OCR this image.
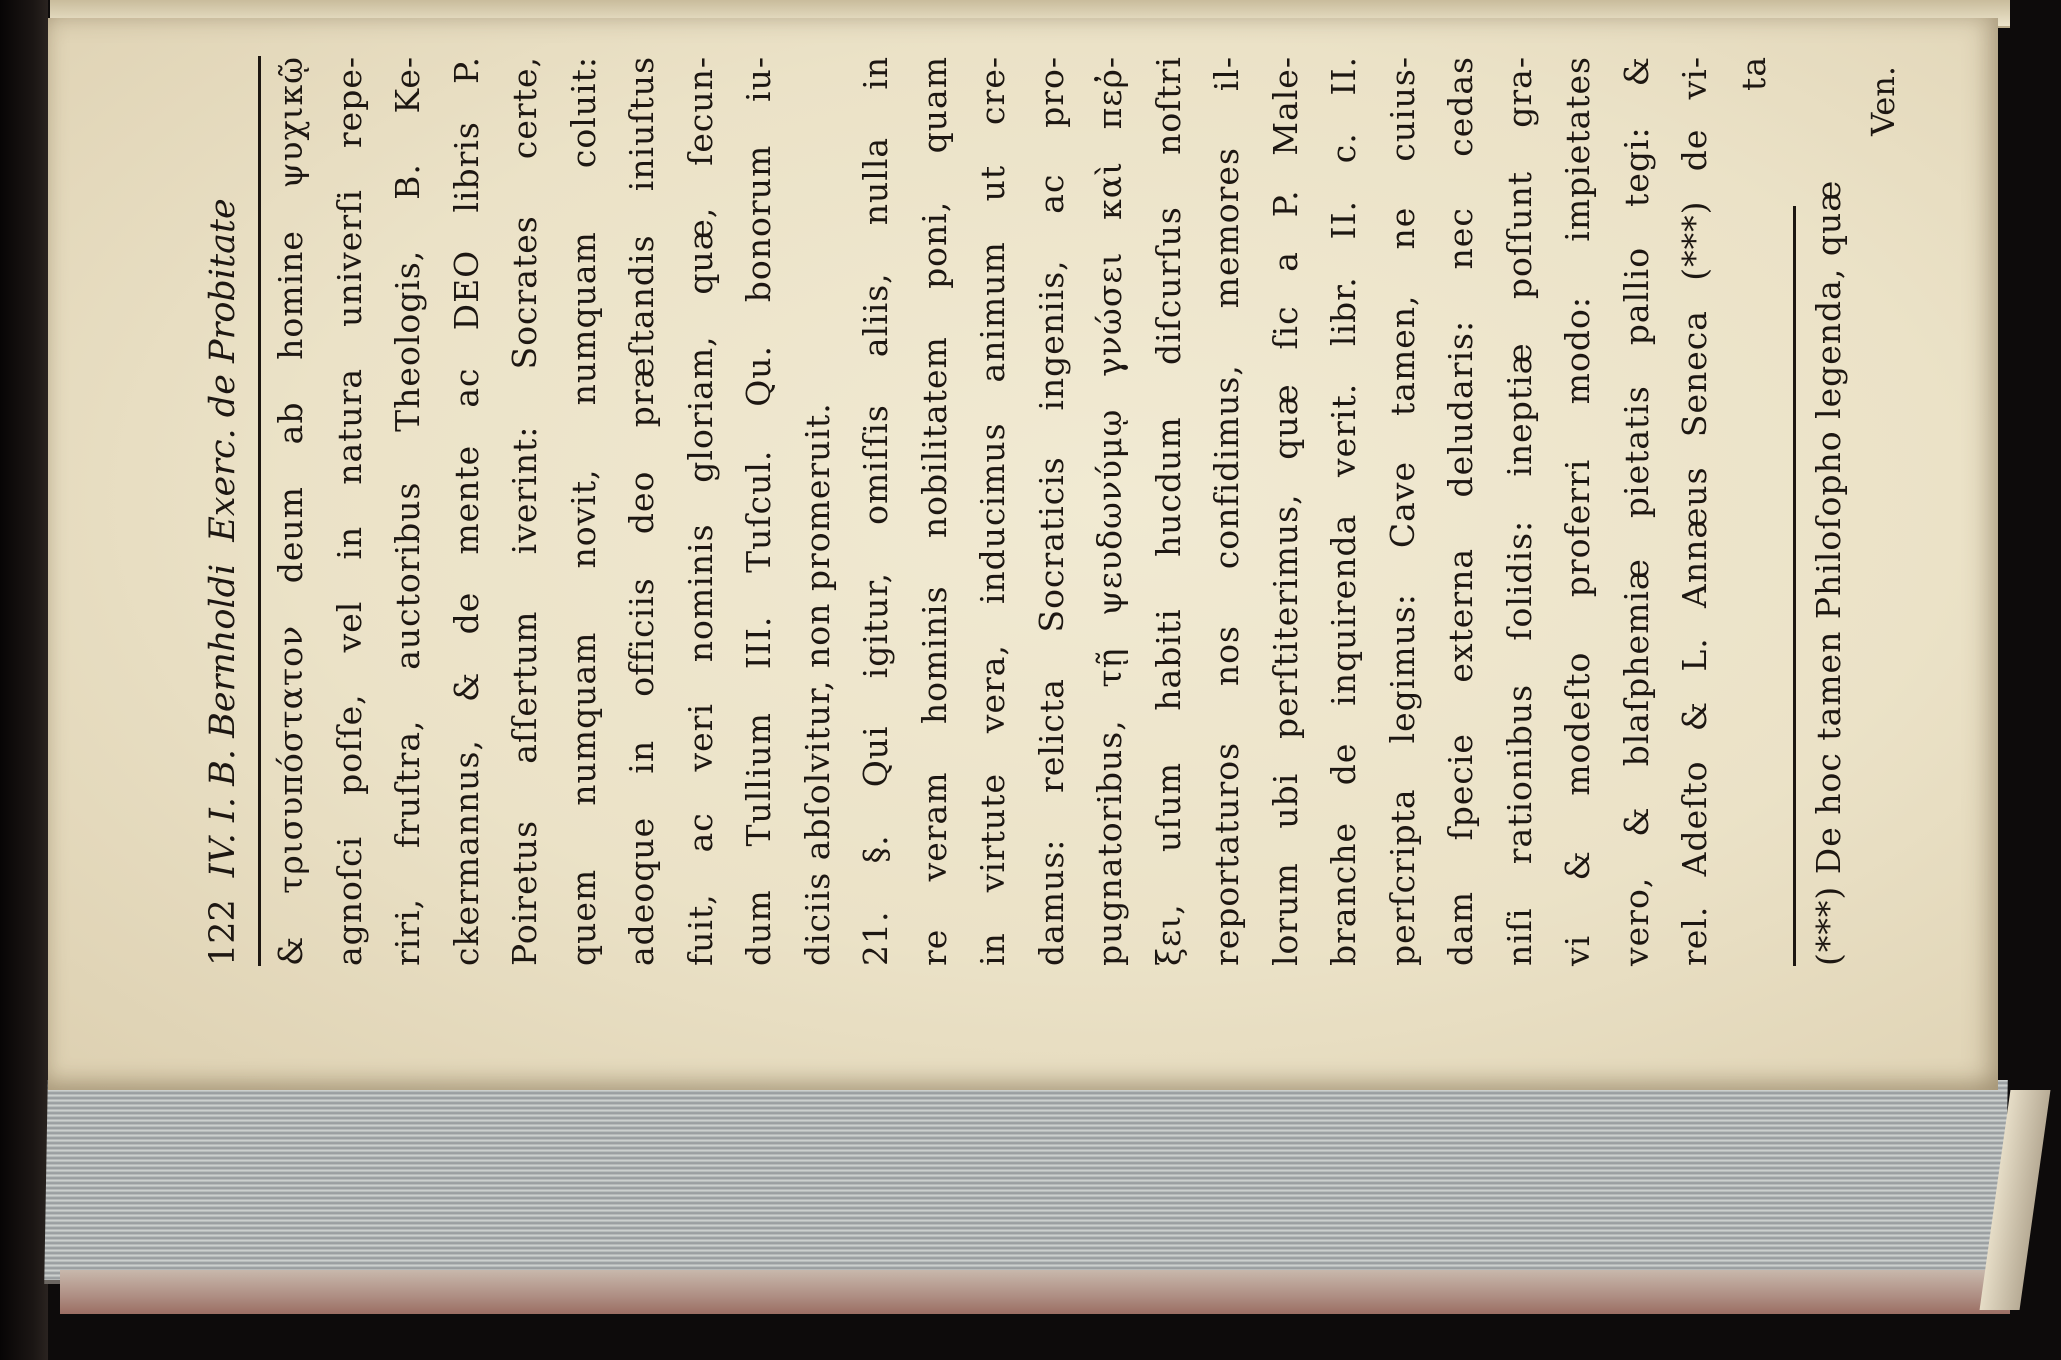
122
IV. I. B. Bernholdi
Exerc. de Probitate & τρισυπόστατον deum ab homine ψυχικῷ agnoſci poſſe, vel in natura univerſi repe- riri, fruſtra, auctoribus Theologis, B. Ke- ckermannus, & de mente ac DEO libris P. Poiretus aſſertum iverint: Socrates certe, quem numquam novit, numquam coluit: adeoque in officiis deo præſtandis iniuſtus fuit, ac veri nominis gloriam, quæ, ſecun- dum Tullium III. Tuſcul. Qu. bonorum iu- diciis abſolvitur, non promeruit. 21. §. Qui igitur, omiſſis aliis, nulla in re veram hominis nobilitatem poni, quam in virtute vera, inducimus animum ut cre- damus: relicta Socraticis ingeniis, ac pro- pugnatoribus, τῇ ψευδωνύμῳ γνώσει καὶ πεῤ- ξει, uſum habiti hucdum diſcurſus noſtri reportaturos nos confidimus, memores il- lorum ubi perſtiterimus, quæ ſic a P. Male- branche de inquirenda verit. libr. II. c. II. perſcripta legimus: Cave tamen, ne cuius- dam ſpecie externa deludaris: nec cedas niſi rationibus ſolidis: ineptiæ poſſunt gra- vi & modeſto proferri modo: impietates vero, & blaſphemiæ pietatis pallio tegi: & rel. Adeſto & L. Annæus Seneca (***) de vi- ta
(***) De hoc tamen Philoſopho legenda, quæ
Ven.
